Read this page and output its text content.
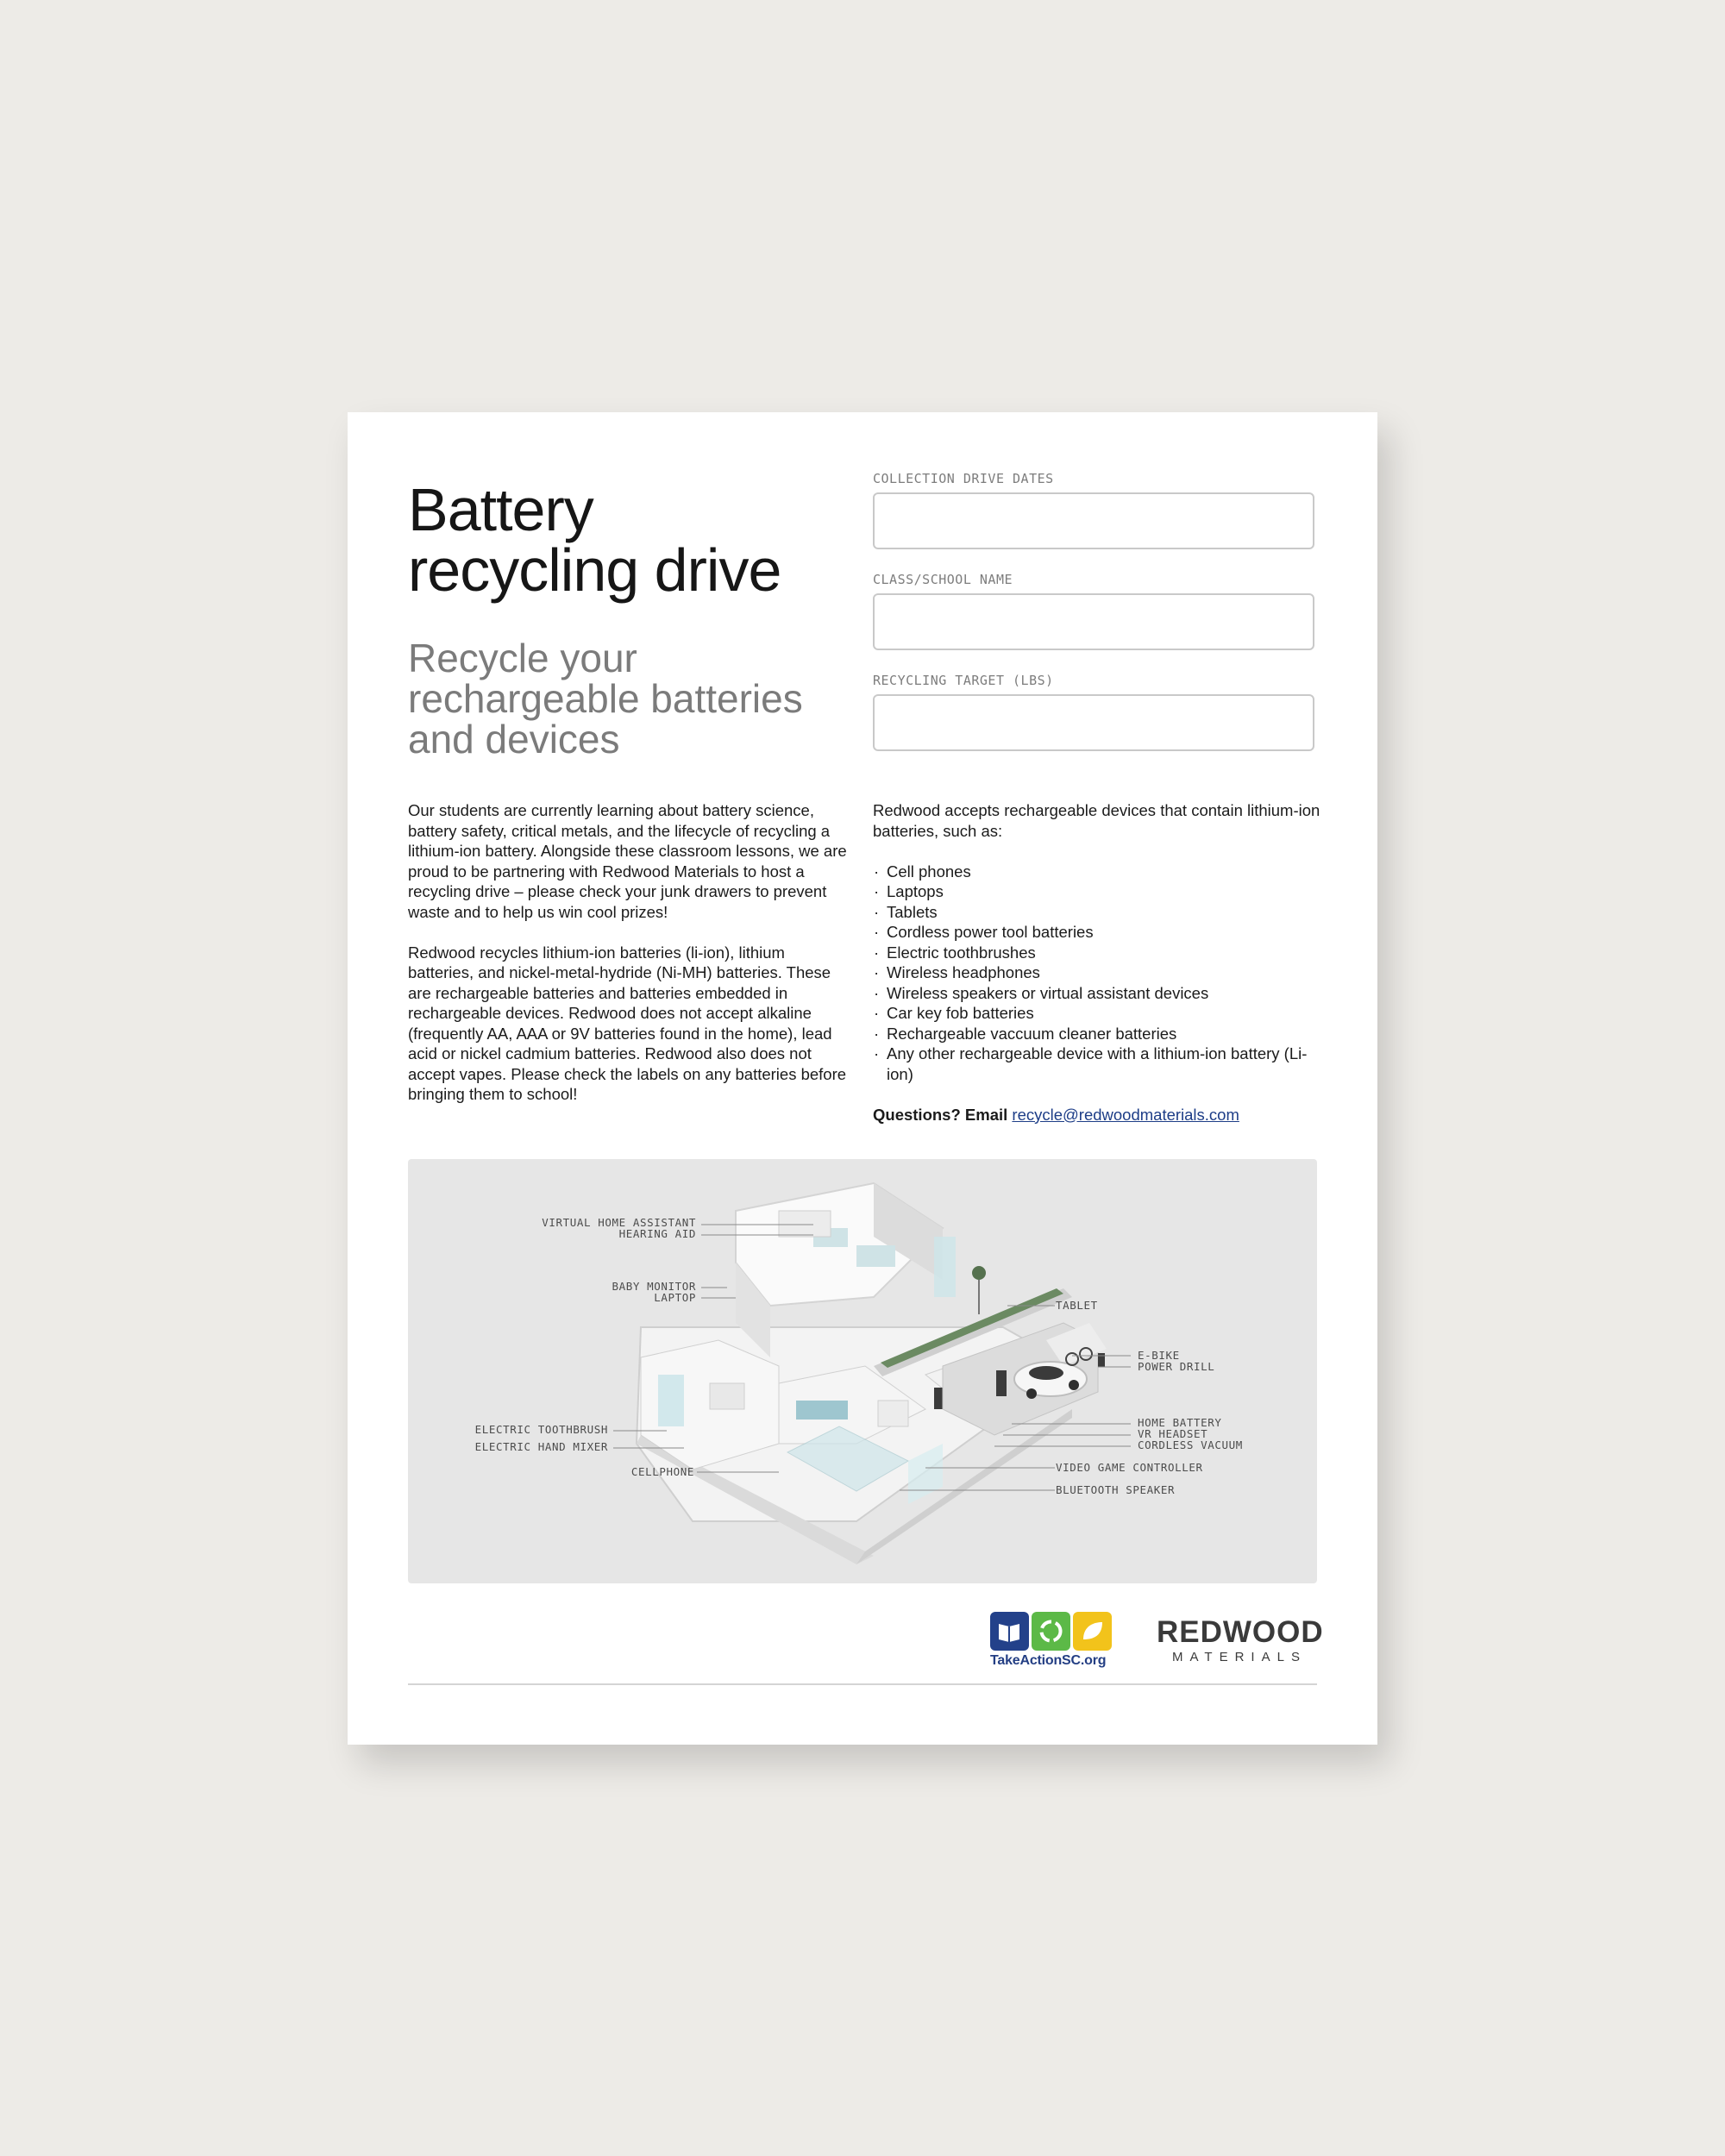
Battery recycling drive
Recycle your rechargeable batteries and devices
COLLECTION DRIVE DATES
CLASS/SCHOOL NAME
RECYCLING TARGET (LBS)

Our students are currently learning about battery science, battery safety, critical metals, and the lifecycle of recycling a lithium-ion battery. Alongside these classroom lessons, we are proud to be partnering with Redwood Materials to host a recycling drive – please check your junk drawers to prevent waste and to help us win cool prizes!

Redwood recycles lithium-ion batteries (li-ion), lithium batteries, and nickel-metal-hydride (Ni-MH) batteries. These are rechargeable batteries and batteries embedded in rechargeable devices. Redwood does not accept alkaline (frequently AA, AAA or 9V batteries found in the home), lead acid or nickel cadmium batteries. Redwood also does not accept vapes. Please check the labels on any batteries before bringing them to school!

Redwood accepts rechargeable devices that contain lithium-ion batteries, such as:

· Cell phones
· Laptops
· Tablets
· Cordless power tool batteries
· Electric toothbrushes
· Wireless headphones
· Wireless speakers or virtual assistant devices
· Car key fob batteries
· Rechargeable vaccuum cleaner batteries
· Any other rechargeable device with a lithium-ion battery (Li-ion)

Questions? Email recycle@redwoodmaterials.com

VIRTUAL HOME ASSISTANT
HEARING AID
BABY MONITOR
LAPTOP
ELECTRIC TOOTHBRUSH
ELECTRIC HAND MIXER
CELLPHONE
TABLET
E-BIKE
POWER DRILL
HOME BATTERY
VR HEADSET
CORDLESS VACUUM
VIDEO GAME CONTROLLER
BLUETOOTH SPEAKER
TakeActionSC.org
REDWOOD
MATERIALS
